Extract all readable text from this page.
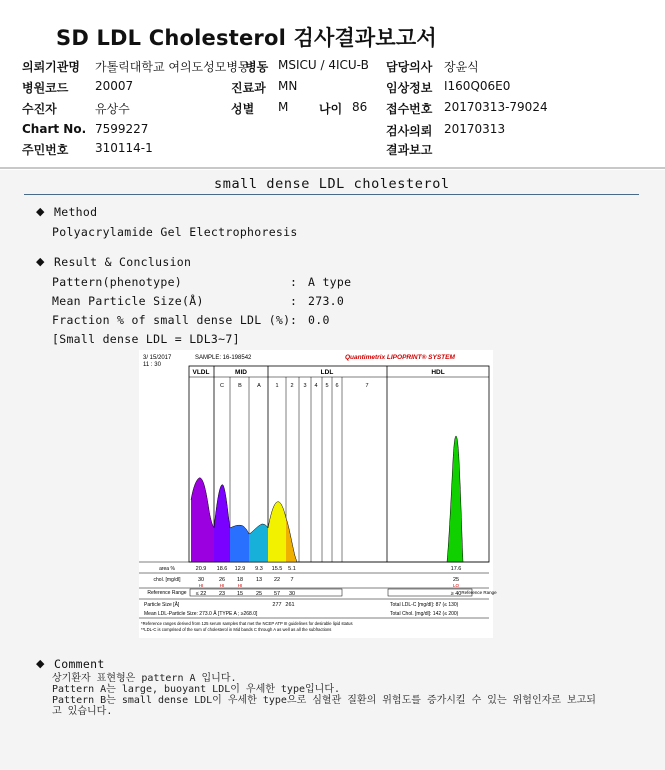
SD LDL Cholesterol 검사결과보고서
의뢰기관명 가톨릭대학교 여의도성모병동
병동 MSICU / 4ICU-B 담당의사 장윤식
병원코드 20007	진료과 MN	임상정보 I160Q06E0
수진자	유상수	성별 M	나이 86 접수번호 20170313-79024
Chart No. 7599227	검사의뢰 20170313
주민번호 310114-1	결과보고
small dense LDL cholesterol
◆ Method
Polyacrylamide Gel Electrophoresis
◆ Result & Conclusion
Pattern(phenotype)	: A type
Mean Particle Size(Å)	: 273.0
Fraction % of small dense LDL (%) : 0.0
[Small dense LDL = LDL3~7]
3/ 15/2017
11 : 30
SAMPLE: 16-198542	Quantimetrix LIPOPRINT® SYSTEM
VLDL	MID	LDL	HDL
C	B	A	1 2 3 4 5 6	7
area %	20.9 18.6 12.9 9.3 15.5 5.1	17.6
chol. [mg/dl]	30	26 18 13 22 7	25
HI	HI	HI	LO
Reference Range ≤ 22 23 15 25 57 30	≥ 40 Reference Range
Particle Size [Å]	277 261	Total LDL-C [mg/dl]: 87 (≤ 130)
Mean LDL-Particle Size: 273.0 Å [TYPE A ; ≥268.0]	Total Chol. [mg/dl]: 142 (≤ 200)
*Reference ranges derived from 125 serum samples that met the NCEP ATP III guidelines for desirable lipid status
**LDL-C is comprised of the sum of cholesterol in Mid bands C through A as well as all the subfractions
◆ Comment
상기환자 표현형은 pattern A 입니다.
Pattern A는 large, buoyant LDL이 우세한 type입니다.
Pattern B는 small dense LDL이 우세한 type으로 심혈관 질환의 위험도를 증가시킬 수 있는 위험인자로 보고되
고 있습니다.
